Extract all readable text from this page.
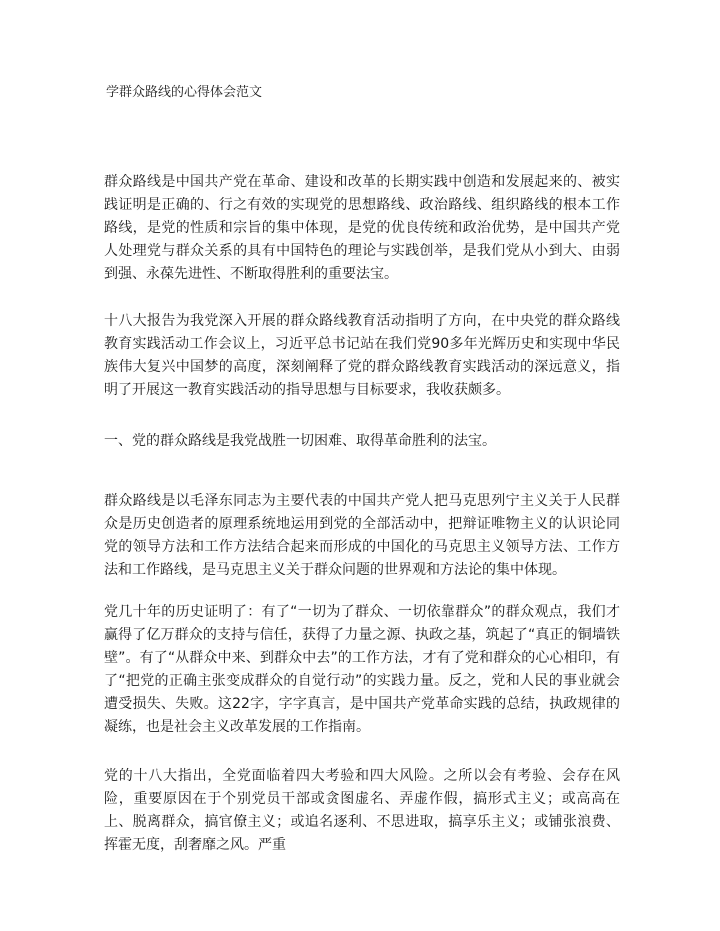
学群众路线的心得体会范文
群众路线是中国共产党在革命、建设和改革的长期实践中创造和发展起来的、被实践证明是正确的、行之有效的实现党的思想路线、政治路线、组织路线的根本工作路线，是党的性质和宗旨的集中体现，是党的优良传统和政治优势，是中国共产党人处理党与群众关系的具有中国特色的理论与实践创举，是我们党从小到大、由弱到强、永葆先进性、不断取得胜利的重要法宝。
十八大报告为我党深入开展的群众路线教育活动指明了方向，在中央党的群众路线教育实践活动工作会议上，习近平总书记站在我们党90多年光辉历史和实现中华民族伟大复兴中国梦的高度，深刻阐释了党的群众路线教育实践活动的深远意义，指明了开展这一教育实践活动的指导思想与目标要求，我收获颇多。
一、党的群众路线是我党战胜一切困难、取得革命胜利的法宝。
群众路线是以毛泽东同志为主要代表的中国共产党人把马克思列宁主义关于人民群众是历史创造者的原理系统地运用到党的全部活动中，把辩证唯物主义的认识论同党的领导方法和工作方法结合起来而形成的中国化的马克思主义领导方法、工作方法和工作路线，是马克思主义关于群众问题的世界观和方法论的集中体现。
党几十年的历史证明了：有了“一切为了群众、一切依靠群众”的群众观点，我们才赢得了亿万群众的支持与信任，获得了力量之源、执政之基，筑起了“真正的铜墙铁壁”。有了“从群众中来、到群众中去”的工作方法，才有了党和群众的心心相印，有了“把党的正确主张变成群众的自觉行动”的实践力量。反之，党和人民的事业就会遭受损失、失败。这22字，字字真言，是中国共产党革命实践的总结，执政规律的凝练，也是社会主义改革发展的工作指南。
党的十八大指出，全党面临着四大考验和四大风险。之所以会有考验、会存在风险，重要原因在于个别党员干部或贪图虚名、弄虚作假，搞形式主义；或高高在上、脱离群众，搞官僚主义；或追名逐利、不思进取，搞享乐主义；或铺张浪费、挥霍无度，刮奢靡之风。严重
